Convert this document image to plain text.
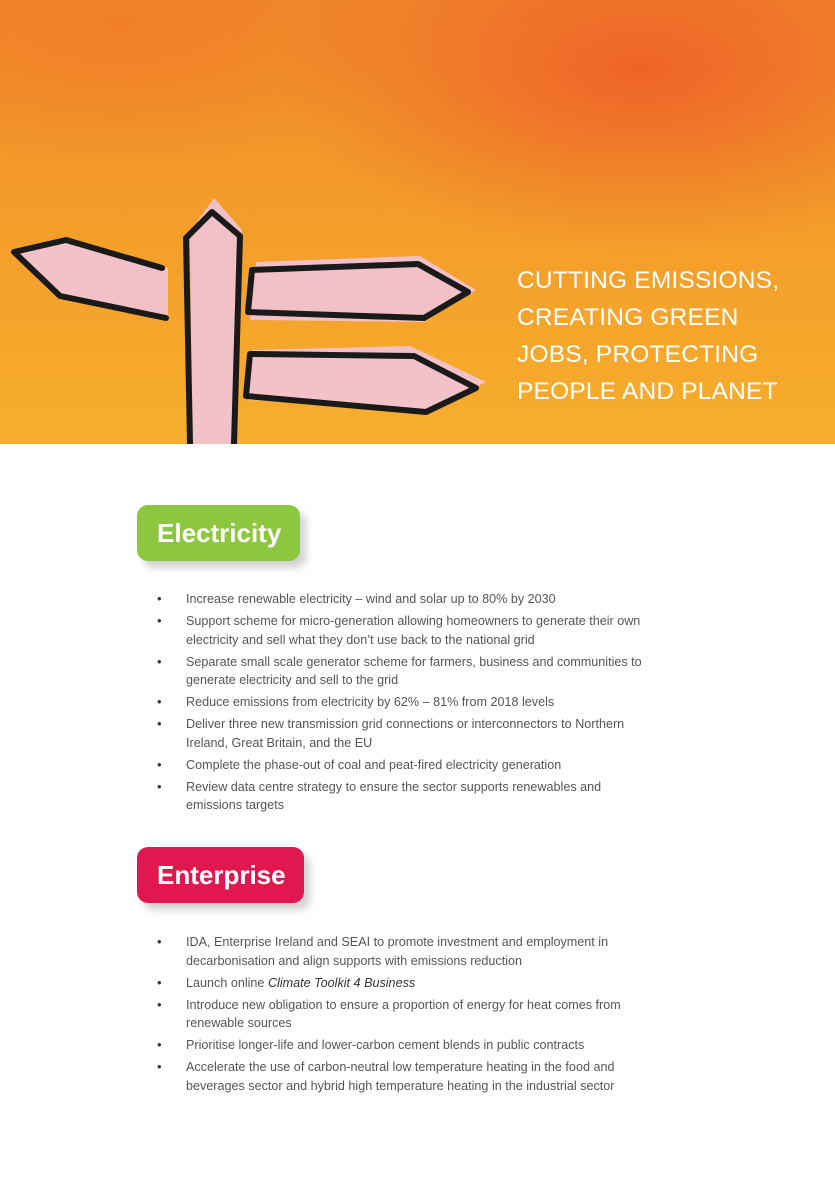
CUTTING EMISSIONS,
CREATING GREEN
JOBS, PROTECTING
PEOPLE AND PLANET
Electricity
• Increase renewable electricity – wind and solar up to 80% by 2030
• Support scheme for micro-generation allowing homeowners to generate their own electricity and sell what they don’t use back to the national grid
• Separate small scale generator scheme for farmers, business and communities to generate electricity and sell to the grid
• Reduce emissions from electricity by 62% – 81% from 2018 levels
• Deliver three new transmission grid connections or interconnectors to Northern Ireland, Great Britain, and the EU
• Complete the phase-out of coal and peat-fired electricity generation
• Review data centre strategy to ensure the sector supports renewables and emissions targets
Enterprise
• IDA, Enterprise Ireland and SEAI to promote investment and employment in decarbonisation and align supports with emissions reduction
• Launch online Climate Toolkit 4 Business
• Introduce new obligation to ensure a proportion of energy for heat comes from renewable sources
• Prioritise longer-life and lower-carbon cement blends in public contracts
• Accelerate the use of carbon-neutral low temperature heating in the food and beverages sector and hybrid high temperature heating in the industrial sector
